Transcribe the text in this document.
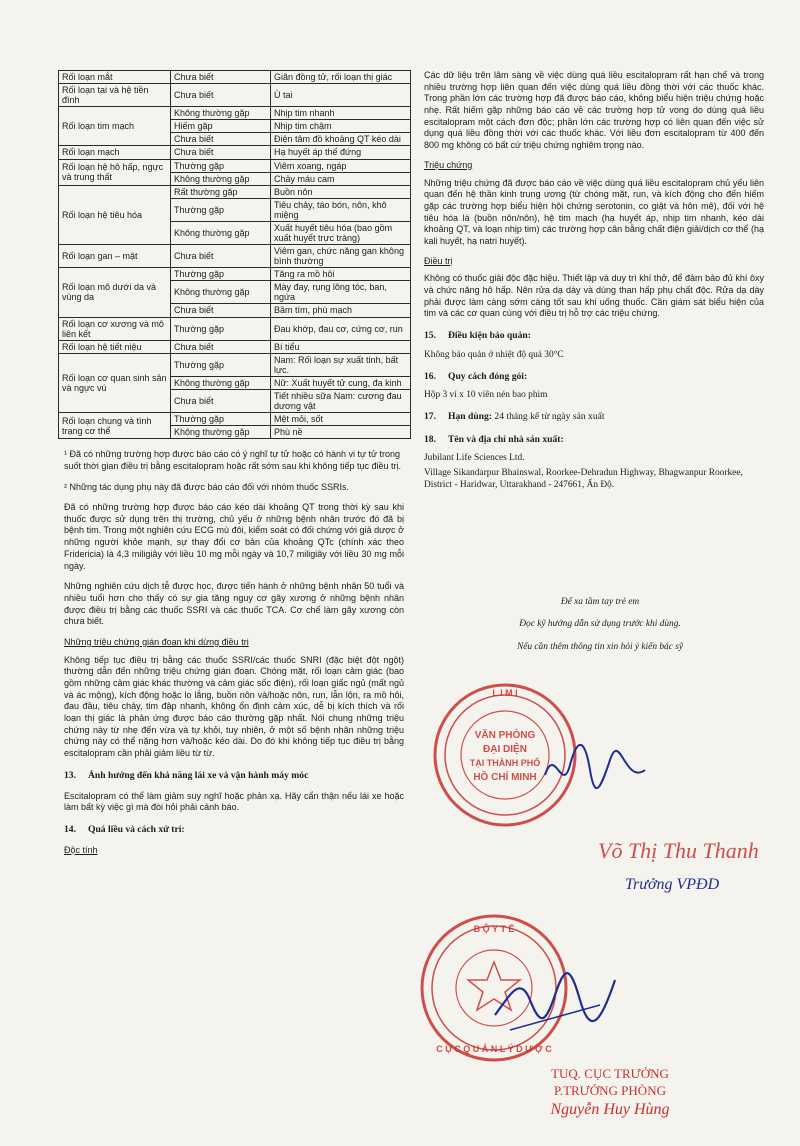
Rối loạn mắt	Chưa biết	Giãn đồng tử, rối loạn thị giác
Rối loạn tai và hệ tiền đình	Chưa biết	Ù tai
Rối loạn tim mạch	Không thường gặp	Nhịp tim nhanh
	Hiếm gặp	Nhịp tim chậm
	Chưa biết	Điện tâm đồ khoảng QT kéo dài
Rối loạn mạch	Chưa biết	Hạ huyết áp thế đứng
Rối loạn hệ hô hấp, ngực và trung thất	Thường gặp	Viêm xoang, ngáp
	Không thường gặp	Chảy máu cam
Rối loạn hệ tiêu hóa	Rất thường gặp	Buồn nôn
	Thường gặp	Tiêu chảy, táo bón, nôn, khô miệng
	Không thường gặp	Xuất huyết tiêu hóa (bao gồm xuất huyết trực tràng)
Rối loạn gan – mật	Chưa biết	Viêm gan, chức năng gan không bình thường
Rối loạn mô dưới da và vùng da	Thường gặp	Tăng ra mồ hôi
	Không thường gặp	Mày đay, rụng lông tóc, ban, ngứa
	Chưa biết	Bầm tím, phù mạch
Rối loạn cơ xương và mô liên kết	Thường gặp	Đau khớp, đau cơ, cứng cơ, run
Rối loạn hệ tiết niệu	Chưa biết	Bí tiểu
Rối loạn cơ quan sinh sản và ngực vú	Thường gặp	Nam: Rối loạn sự xuất tinh, bất lực.
	Không thường gặp	Nữ: Xuất huyết tử cung, đa kinh
	Chưa biết	Tiết nhiều sữa Nam: cương đau dương vật
Rối loạn chung và tình trạng cơ thể	Thường gặp	Mệt mỏi, sốt
	Không thường gặp	Phù nề
¹ Đã có những trường hợp được báo cáo có ý nghĩ tự tử hoặc có hành vi tự tử trong suốt thời gian điều trị bằng escitalopram hoặc rất sớm sau khi không tiếp tục điều trị.
² Những tác dụng phụ này đã được báo cáo đối với nhóm thuốc SSRIs.
Đã có những trường hợp được báo cáo kéo dài khoảng QT trong thời kỳ sau khi thuốc được sử dụng trên thị trường, chủ yếu ở những bệnh nhân trước đó đã bị bệnh tim. Trong một nghiên cứu ECG mù đôi, kiểm soát có đối chứng với giả dược ở những người khỏe mạnh, sự thay đổi cơ bản của khoảng QTc (chính xác theo Fridericia) là 4,3 miligiây với liều 10 mg mỗi ngày và 10,7 miligiây với liều 30 mg mỗi ngày.
Những nghiên cứu dịch tễ được học, được tiến hành ở những bệnh nhân 50 tuổi và nhiều tuổi hơn cho thấy có sự gia tăng nguy cơ gãy xương ở những bệnh nhân được điều trị bằng các thuốc SSRI và các thuốc TCA. Cơ chế làm gãy xương còn chưa biết.
Những triệu chứng gián đoạn khi dừng điều trị
Không tiếp tục điều trị bằng các thuốc SSRI/các thuốc SNRI (đặc biệt đột ngột) thường dẫn đến những triệu chứng gián đoạn. Chóng mặt, rối loạn cảm giác (bao gồm những cảm giác khác thường và cảm giác sốc điện), rối loạn giấc ngủ (mất ngủ và ác mộng), kích động hoặc lo lắng, buồn nôn và/hoặc nôn, run, lẫn lộn, ra mồ hôi, đau đầu, tiêu chảy, tim đập nhanh, không ổn định cảm xúc, dễ bị kích thích và rối loạn thị giác là phản ứng được báo cáo thường gặp nhất. Nói chung những triệu chứng này từ nhẹ đến vừa và tự khỏi, tuy nhiên, ở một số bệnh nhân những triệu chứng này có thể nặng hơn và/hoặc kéo dài. Do đó khi không tiếp tục điều trị bằng escitalopram cần phải giảm liều từ từ.
13. Ảnh hưởng đến khả năng lái xe và vận hành máy móc
Escitalopram có thể làm giảm suy nghĩ hoặc phản xạ. Hãy cẩn thận nếu lái xe hoặc làm bất kỳ việc gì mà đòi hỏi phải cảnh báo.
14. Quá liều và cách xử trí:
Độc tính
Các dữ liệu trên lâm sàng về việc dùng quá liều escitalopram rất hạn chế và trong nhiều trường hợp liên quan đến việc dùng quá liều đồng thời với các thuốc khác. Trong phần lớn các trường hợp đã được báo cáo, không biểu hiện triệu chứng hoặc nhẹ. Rất hiếm gặp những báo cáo về các trường hợp tử vong do dùng quá liều escitalopram một cách đơn độc; phần lớn các trường hợp có liên quan đến việc sử dụng quá liều đồng thời với các thuốc khác. Với liều đơn escitalopram từ 400 đến 800 mg không có bất cứ triệu chứng nghiêm trọng nào.
Triệu chứng
Những triệu chứng đã được báo cáo về việc dùng quá liều escitalopram chủ yếu liên quan đến hệ thần kinh trung ương (từ chóng mặt, run, và kích động cho đến hiếm gặp các trường hợp biểu hiện hội chứng serotonin, co giật và hôn mê), đối với hệ tiêu hóa là (buồn nôn/nôn), hệ tim mạch (hạ huyết áp, nhịp tim nhanh, kéo dài khoảng QT, và loạn nhịp tim) các trường hợp cân bằng chất điện giải/dịch cơ thể (hạ kali huyết, hạ natri huyết).
Điều trị
Không có thuốc giải độc đặc hiệu. Thiết lập và duy trì khí thở, để đảm bảo đủ khí ôxy và chức năng hô hấp. Nên rửa dạ dày và dùng than hấp phụ chất độc. Rửa dạ dày phải được làm càng sớm càng tốt sau khi uống thuốc. Cần giám sát biểu hiện của tim và các cơ quan cùng với điều trị hỗ trợ các triệu chứng.
15. Điều kiện bảo quản:
Không bảo quản ở nhiệt độ quá 30°C
16. Quy cách đóng gói:
Hộp 3 vỉ x 10 viên nén bao phim
17. Hạn dùng: 24 tháng kể từ ngày sản xuất
18. Tên và địa chỉ nhà sản xuất:
Jubilant Life Sciences Ltd.
Village Sikandarpur Bhainswal, Roorkee-Dehradun Highway, Bhagwanpur Roorkee, District - Haridwar, Uttarakhand - 247661, Ấn Độ.
Để xa tầm tay trẻ em
Đọc kỹ hướng dẫn sử dụng trước khi dùng.
Nếu cần thêm thông tin xin hỏi ý kiến bác sỹ
VĂN PHÒNG
ĐẠI DIỆN
TẠI THÀNH PHỐ
HỒ CHÍ MINH
L I M I
Võ Thị Thu Thanh
Trưởng VPĐD
B Ộ Y T Ế
C Ụ C Q U Ả N L Ý D Ư Ợ C
TUQ. CỤC TRƯỞNG
P.TRƯỞNG PHÒNG
Nguyễn Huy Hùng
